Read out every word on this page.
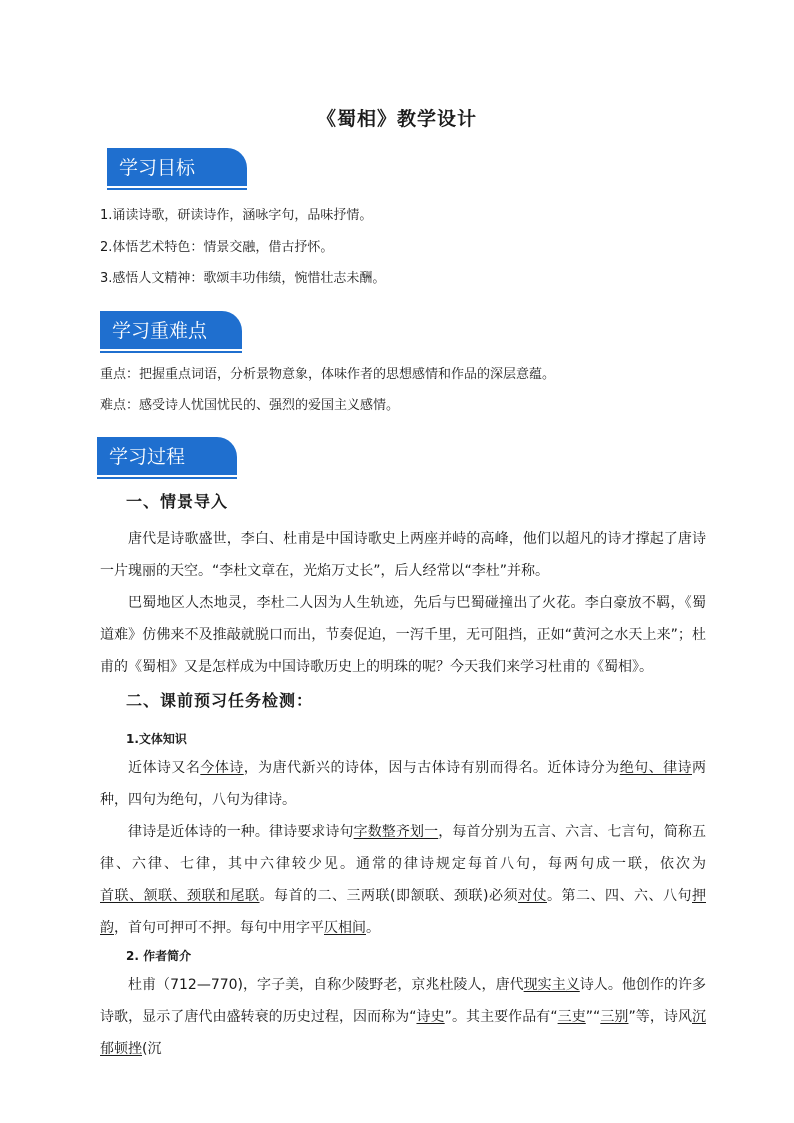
《蜀相》教学设计
学习目标
1.诵读诗歌，研读诗作，涵咏字句，品味抒情。
2.体悟艺术特色：情景交融，借古抒怀。
3.感悟人文精神：歌颂丰功伟绩，惋惜壮志未酬。
学习重难点
重点：把握重点词语，分析景物意象，体味作者的思想感情和作品的深层意蕴。
难点：感受诗人忧国忧民的、强烈的爱国主义感情。
学习过程
一、情景导入
唐代是诗歌盛世，李白、杜甫是中国诗歌史上两座并峙的高峰，他们以超凡的诗才撑起了唐诗一片瑰丽的天空。“李杜文章在，光焰万丈长”，后人经常以“李杜”并称。
巴蜀地区人杰地灵，李杜二人因为人生轨迹，先后与巴蜀碰撞出了火花。李白豪放不羁，《蜀道难》仿佛来不及推敲就脱口而出，节奏促迫，一泻千里，无可阻挡，正如“黄河之水天上来”；杜甫的《蜀相》又是怎样成为中国诗歌历史上的明珠的呢？今天我们来学习杜甫的《蜀相》。
二、课前预习任务检测：
1.文体知识
近体诗又名今体诗，为唐代新兴的诗体，因与古体诗有别而得名。近体诗分为绝句、律诗两种，四句为绝句，八句为律诗。
律诗是近体诗的一种。律诗要求诗句字数整齐划一，每首分别为五言、六言、七言句，简称五律、六律、七律，其中六律较少见。通常的律诗规定每首八句，每两句成一联，依次为首联、颔联、颈联和尾联。每首的二、三两联(即颔联、颈联)必须对仗。第二、四、六、八句押韵，首句可押可不押。每句中用字平仄相间。
2. 作者简介
杜甫（712—770)，字子美，自称少陵野老，京兆杜陵人，唐代现实主义诗人。他创作的许多诗歌，显示了唐代由盛转衰的历史过程，因而称为“诗史”。其主要作品有“三吏”“三别”等，诗风沉郁顿挫(沉
